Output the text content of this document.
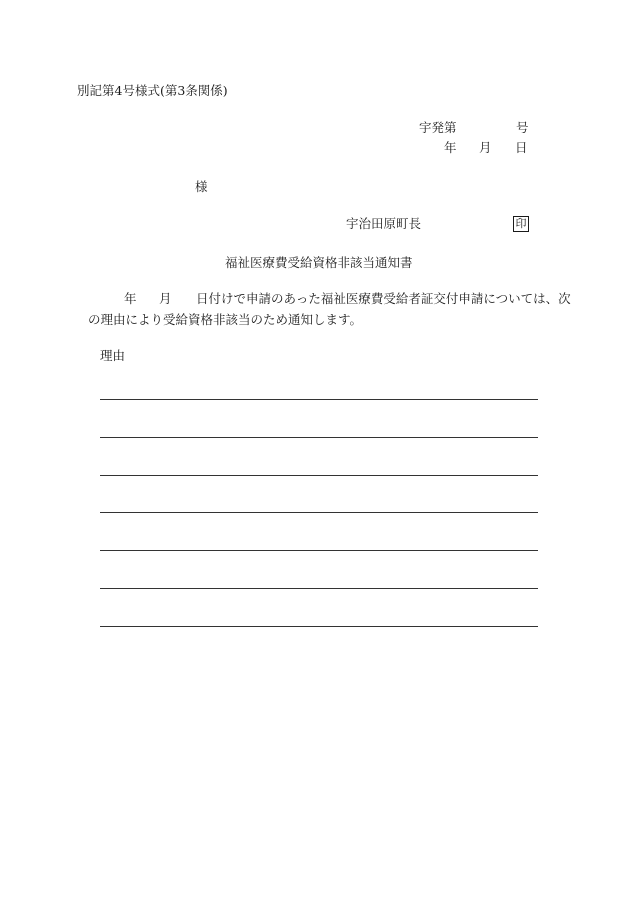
別記第4号様式(第3条関係)
宇発第	号
年 月 日
様
宇治田原町長	印
福祉医療費受給資格非該当通知書
年 月 日付けで申請のあった福祉医療費受給者証交付申請については、次
の理由により受給資格非該当のため通知します。
理由
